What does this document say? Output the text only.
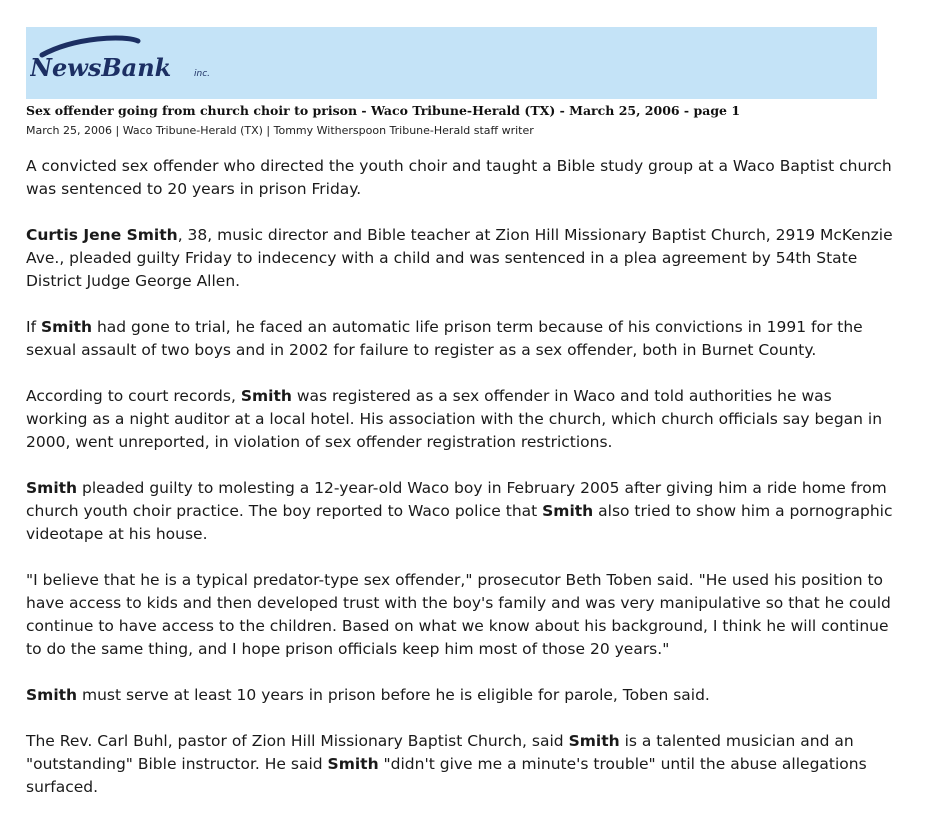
NewsBank	inc.
Sex offender going from church choir to prison - Waco Tribune-Herald (TX) - March 25, 2006 - page 1
March 25, 2006 | Waco Tribune-Herald (TX) | Tommy Witherspoon Tribune-Herald staff writer

A convicted sex offender who directed the youth choir and taught a Bible study group at a Waco Baptist church was sentenced to 20 years in prison Friday.

Curtis Jene Smith, 38, music director and Bible teacher at Zion Hill Missionary Baptist Church, 2919 McKenzie Ave., pleaded guilty Friday to indecency with a child and was sentenced in a plea agreement by 54th State District Judge George Allen.

If Smith had gone to trial, he faced an automatic life prison term because of his convictions in 1991 for the sexual assault of two boys and in 2002 for failure to register as a sex offender, both in Burnet County.

According to court records, Smith was registered as a sex offender in Waco and told authorities he was working as a night auditor at a local hotel. His association with the church, which church officials say began in 2000, went unreported, in violation of sex offender registration restrictions.

Smith pleaded guilty to molesting a 12-year-old Waco boy in February 2005 after giving him a ride home from church youth choir practice. The boy reported to Waco police that Smith also tried to show him a pornographic videotape at his house.

"I believe that he is a typical predator-type sex offender," prosecutor Beth Toben said. "He used his position to have access to kids and then developed trust with the boy's family and was very manipulative so that he could continue to have access to the children. Based on what we know about his background, I think he will continue to do the same thing, and I hope prison officials keep him most of those 20 years."

Smith must serve at least 10 years in prison before he is eligible for parole, Toben said.

The Rev. Carl Buhl, pastor of Zion Hill Missionary Baptist Church, said Smith is a talented musician and an "outstanding" Bible instructor. He said Smith "didn't give me a minute's trouble" until the abuse allegations surfaced.
